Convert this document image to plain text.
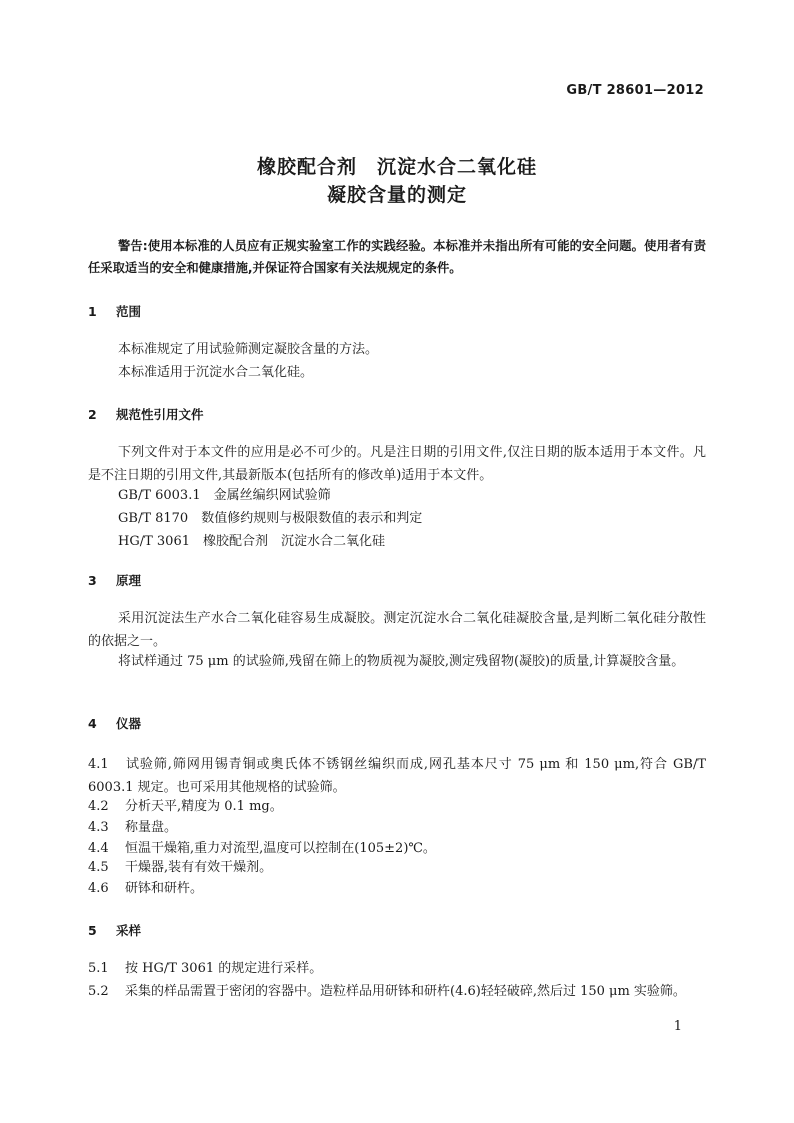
GB/T 28601—2012
橡胶配合剂　沉淀水合二氧化硅
凝胶含量的测定
警告:使用本标准的人员应有正规实验室工作的实践经验。本标准并未指出所有可能的安全问题。使用者有责任采取适当的安全和健康措施,并保证符合国家有关法规规定的条件。
1 范围
本标准规定了用试验筛测定凝胶含量的方法。
本标准适用于沉淀水合二氧化硅。
2 规范性引用文件
下列文件对于本文件的应用是必不可少的。凡是注日期的引用文件,仅注日期的版本适用于本文件。凡是不注日期的引用文件,其最新版本(包括所有的修改单)适用于本文件。
GB/T 6003.1　金属丝编织网试验筛
GB/T 8170　数值修约规则与极限数值的表示和判定
HG/T 3061　橡胶配合剂　沉淀水合二氧化硅
3 原理
采用沉淀法生产水合二氧化硅容易生成凝胶。测定沉淀水合二氧化硅凝胶含量,是判断二氧化硅分散性的依据之一。
将试样通过 75 μm 的试验筛,残留在筛上的物质视为凝胶,测定残留物(凝胶)的质量,计算凝胶含量。
4 仪器
4.1 试验筛,筛网用锡青铜或奥氏体不锈钢丝编织而成,网孔基本尺寸 75 μm 和 150 μm,符合 GB/T 6003.1 规定。也可采用其他规格的试验筛。
4.2 分析天平,精度为 0.1 mg。
4.3 称量盘。
4.4 恒温干燥箱,重力对流型,温度可以控制在(105±2)℃。
4.5 干燥器,装有有效干燥剂。
4.6 研钵和研杵。
5 采样
5.1 按 HG/T 3061 的规定进行采样。
5.2 采集的样品需置于密闭的容器中。造粒样品用研钵和研杵(4.6)轻轻破碎,然后过 150 μm 实验筛。
1
